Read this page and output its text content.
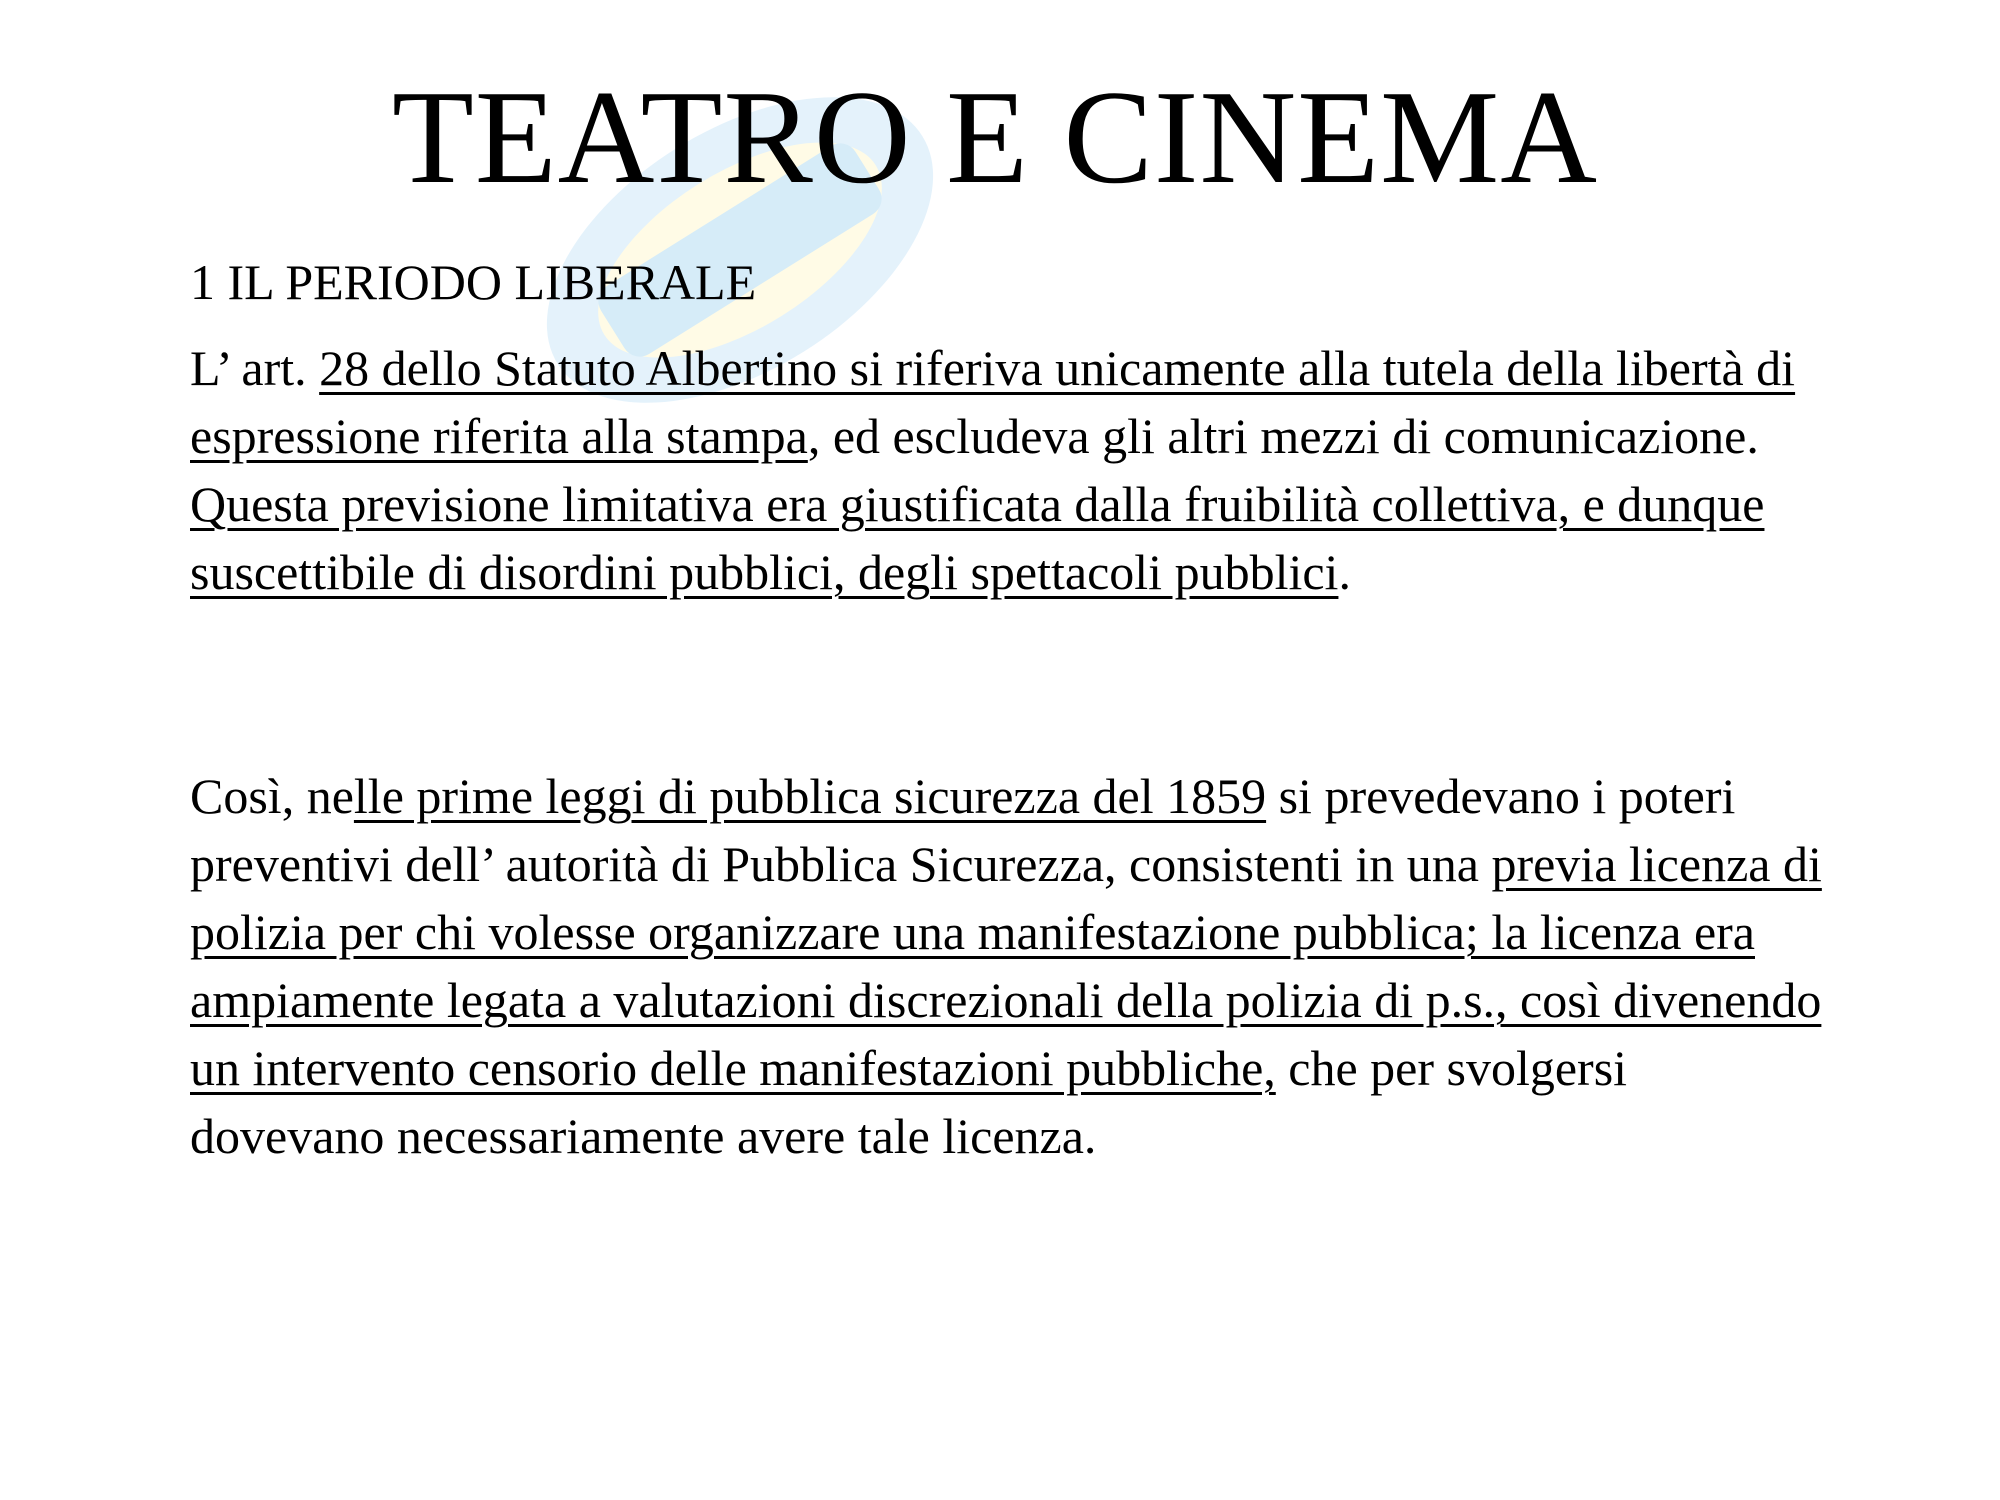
TEATRO E CINEMA

1 IL PERIODO LIBERALE

L’ art. 28 dello Statuto Albertino si riferiva unicamente alla tutela della libertà di espressione riferita alla stampa, ed escludeva gli altri mezzi di comunicazione. Questa previsione limitativa era giustificata dalla fruibilità collettiva, e dunque suscettibile di disordini pubblici, degli spettacoli pubblici.

Così, nelle prime leggi di pubblica sicurezza del 1859 si prevedevano i poteri preventivi dell’ autorità di Pubblica Sicurezza, consistenti in una previa licenza di polizia per chi volesse organizzare una manifestazione pubblica; la licenza era ampiamente legata a valutazioni discrezionali della polizia di p.s., così divenendo un intervento censorio delle manifestazioni pubbliche, che per svolgersi dovevano necessariamente avere tale licenza.
